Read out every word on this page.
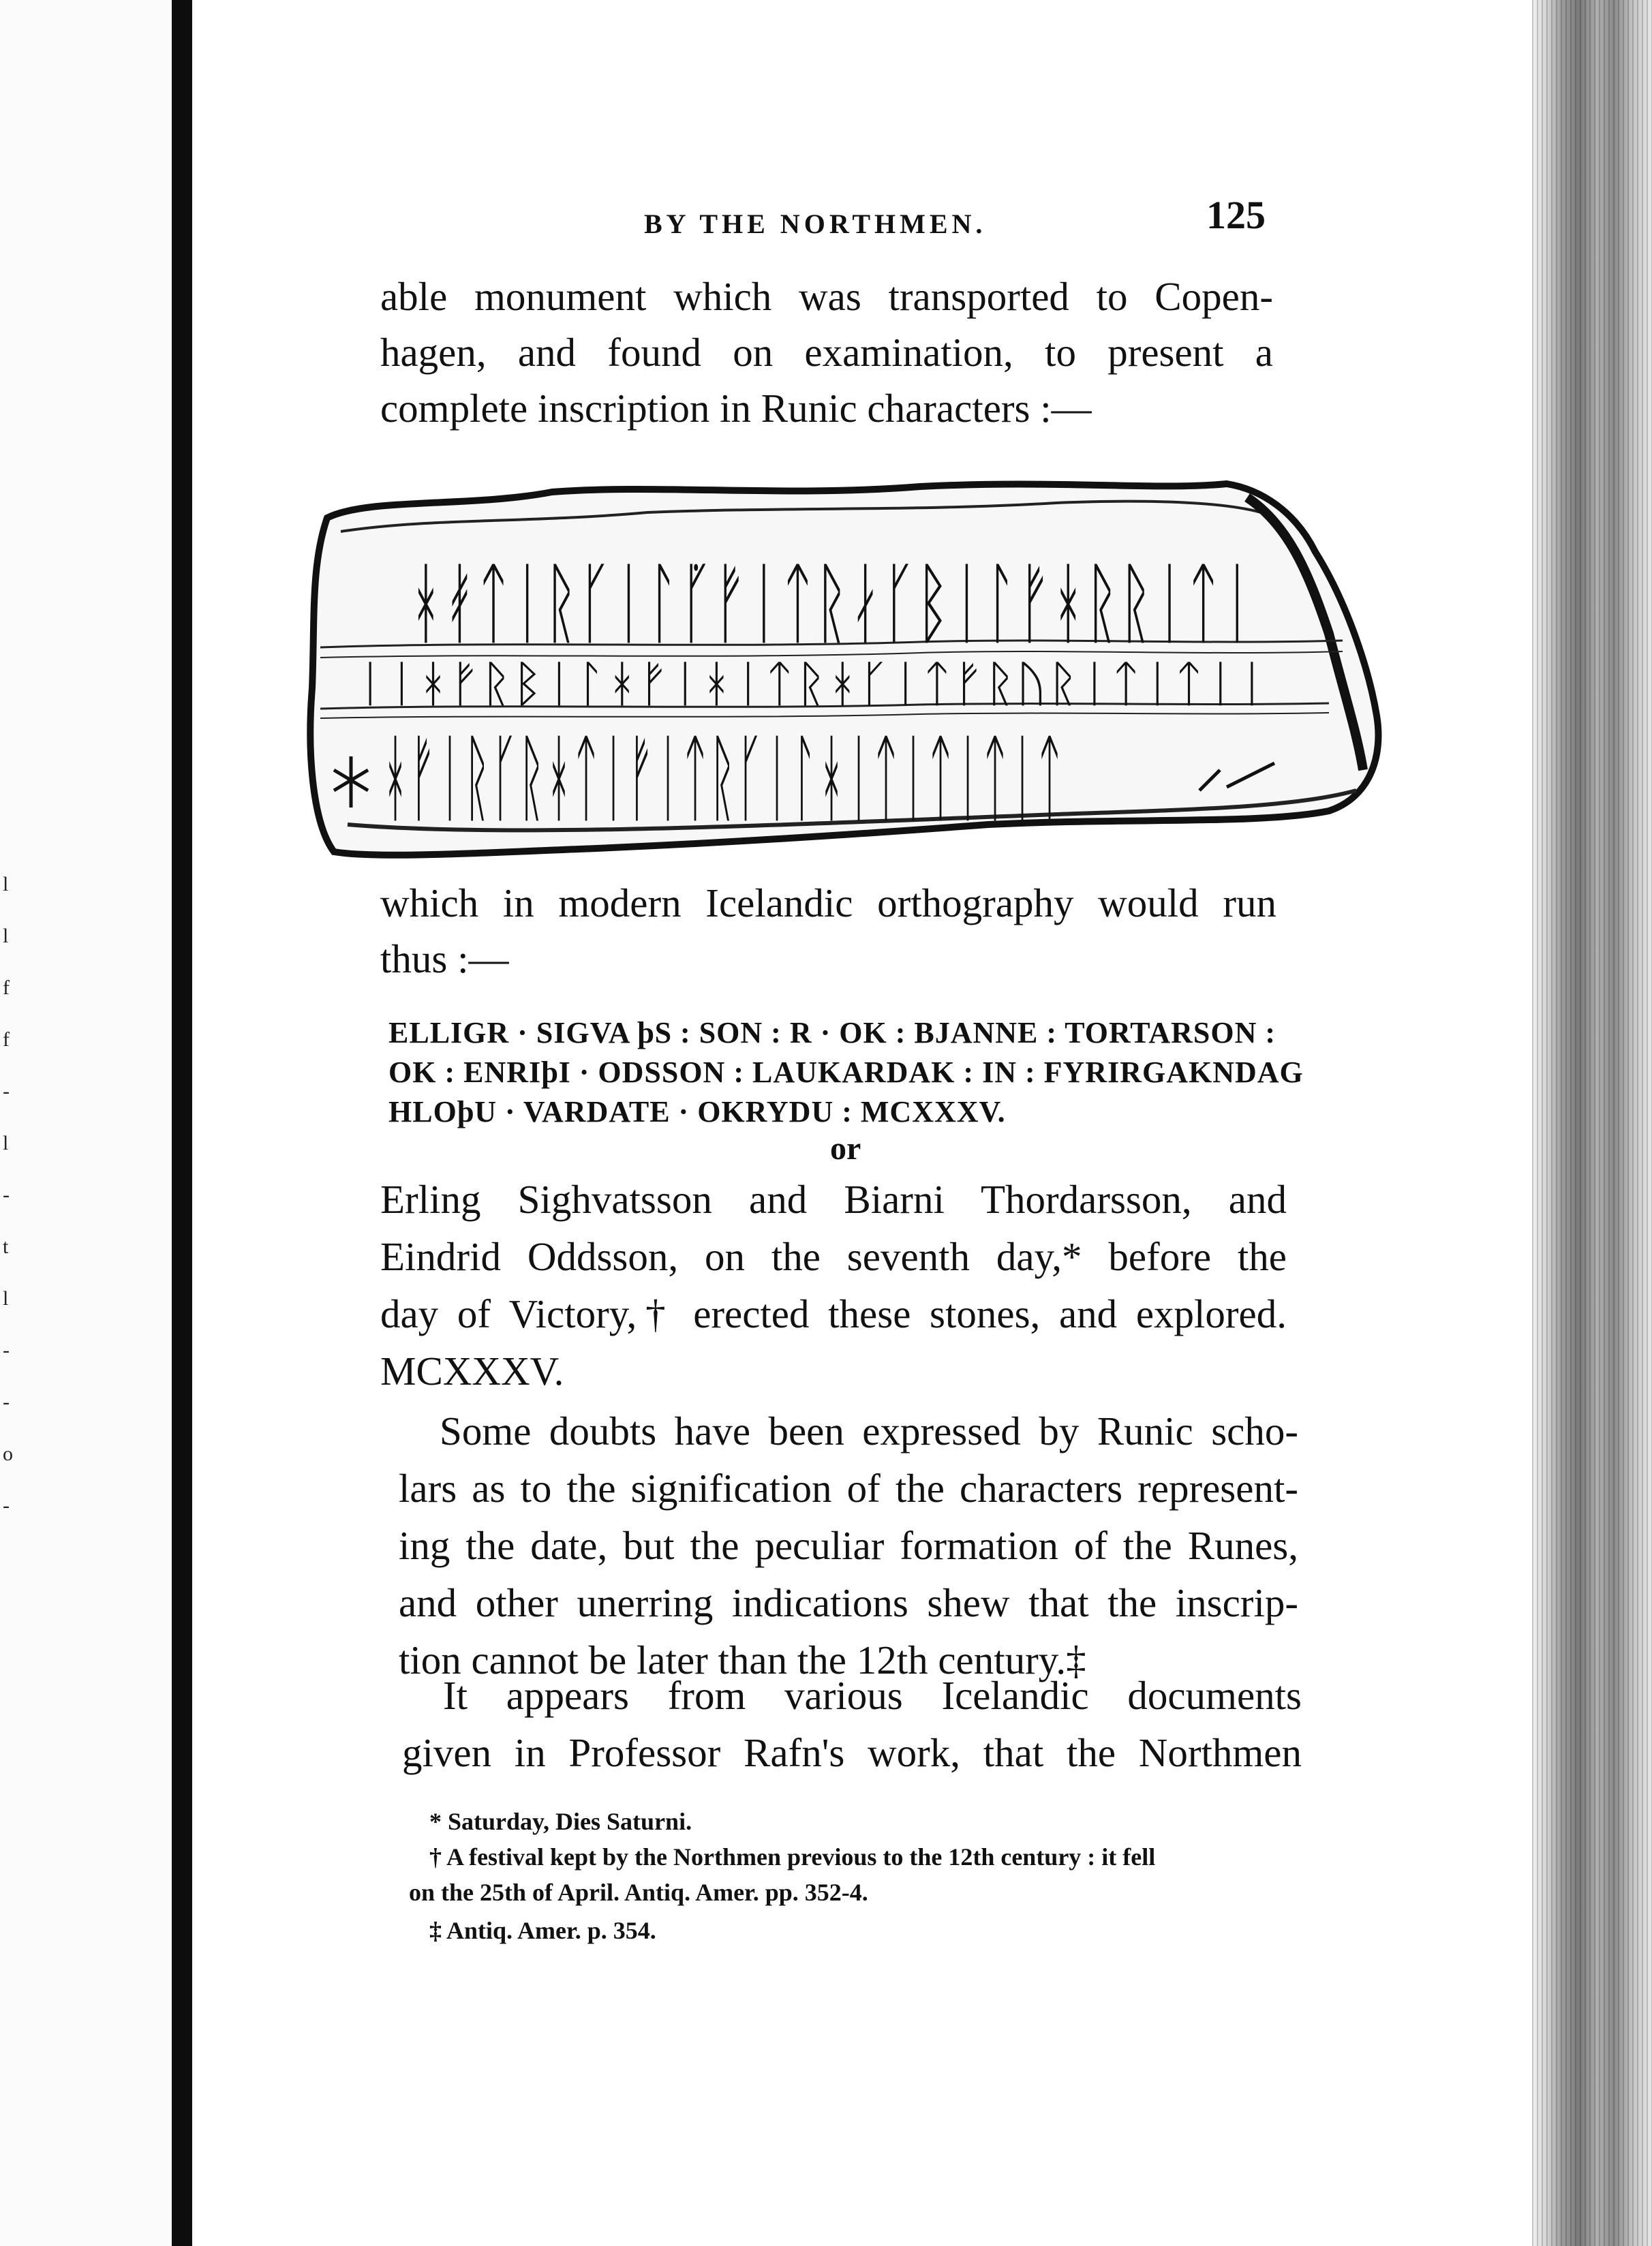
l
l
f
f
-
l
-
t
l
-
-
o
-
BY THE NORTHMEN.	125
able monument which was transported to Copen-
hagen, and found on examination, to present a
complete inscription in Runic characters :—
ᚼᚯᛏᛁᚱᚴᛁᛚᚵᚠᛁᛏᚱᛅᚴᛒᛁᛚᚠᚼᚱᚱᛁᛏᛁ
ᛁᛁᚼᚠᚱᛒᛁᛚᚼᚠᛁᚼᛁᛏᚱᚼᚴᛁᛏᚠᚱᚢᚱᛁᛏᛁᛏᛁᛁ
ᚼᚠᛁᚱᚴᚱᚼᛏᛁᚠᛁᛏᚱᚴᛁᛚᚼᛁᛏᛁᛏᛁᛏᛁᛏ
which in modern Icelandic orthography would run
thus :—
ELLIGR · SIGVA þS : SON : R · OK : BJANNE : TORTARSON :
OK : ENRIþI · ODSSON : LAUKARDAK : IN : FYRIRGAKNDAG
HLOþU · VARDATE · OKRYDU : MCXXXV.
or
Erling Sighvatsson and Biarni Thordarsson, and
Eindrid Oddsson, on the seventh day,* before the
day of Victory,† erected these stones, and explored.
MCXXXV.
Some doubts have been expressed by Runic scho-
lars as to the signification of the characters represent-
ing the date, but the peculiar formation of the Runes,
and other unerring indications shew that the inscrip-
tion cannot be later than the 12th century.‡
It appears from various Icelandic documents
given in Professor Rafn's work, that the Northmen
* Saturday, Dies Saturni.
† A festival kept by the Northmen previous to the 12th century : it fell
on the 25th of April. Antiq. Amer. pp. 352-4.
‡ Antiq. Amer. p. 354.
